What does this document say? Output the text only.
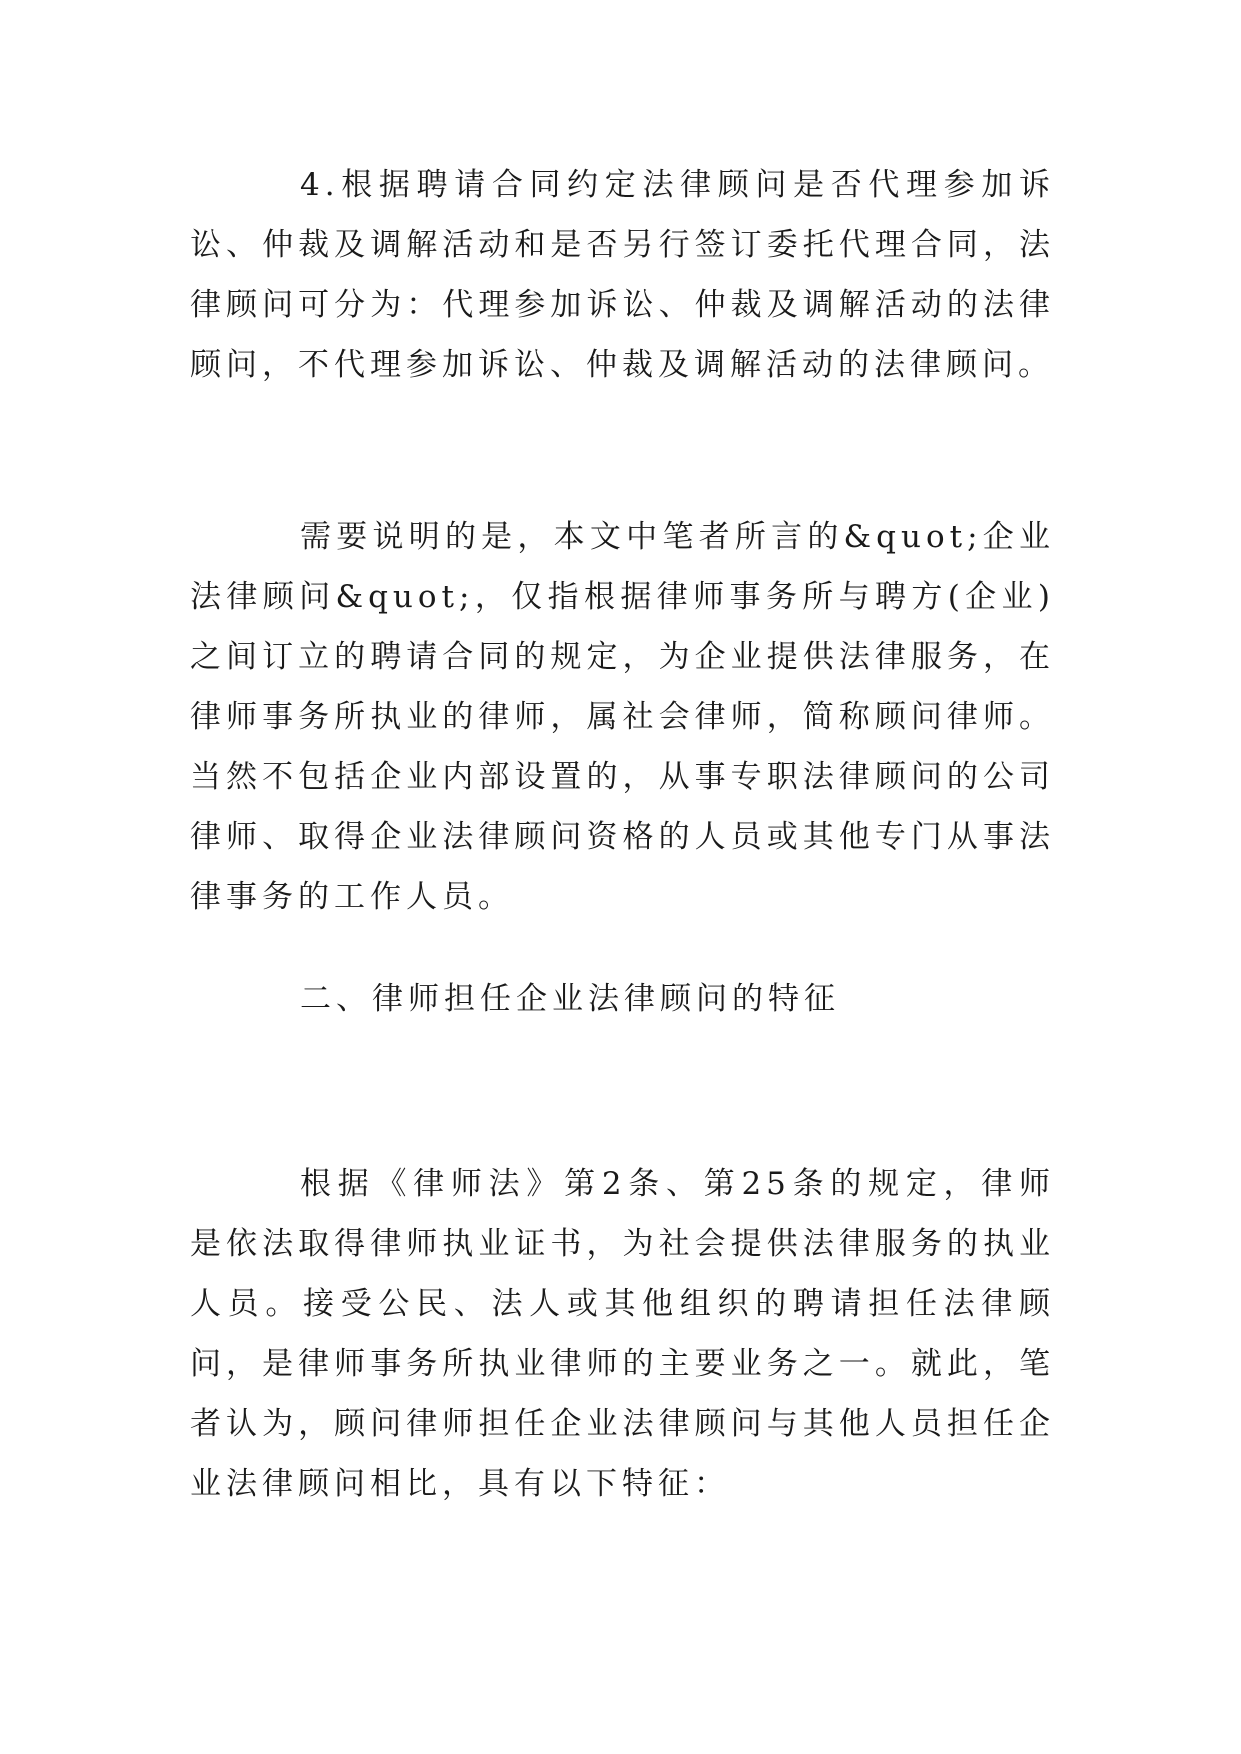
4.根据聘请合同约定法律顾问是否代理参加诉讼、仲裁及调解活动和是否另行签订委托代理合同，法律顾问可分为：代理参加诉讼、仲裁及调解活动的法律顾问，不代理参加诉讼、仲裁及调解活动的法律顾问。

需要说明的是，本文中笔者所言的&quot;企业法律顾问&quot;，仅指根据律师事务所与聘方(企业)之间订立的聘请合同的规定，为企业提供法律服务，在律师事务所执业的律师，属社会律师，简称顾问律师。当然不包括企业内部设置的，从事专职法律顾问的公司律师、取得企业法律顾问资格的人员或其他专门从事法律事务的工作人员。

二、律师担任企业法律顾问的特征

根据《律师法》第2条、第25条的规定，律师是依法取得律师执业证书，为社会提供法律服务的执业人员。接受公民、法人或其他组织的聘请担任法律顾问，是律师事务所执业律师的主要业务之一。就此，笔者认为，顾问律师担任企业法律顾问与其他人员担任企业法律顾问相比，具有以下特征：
